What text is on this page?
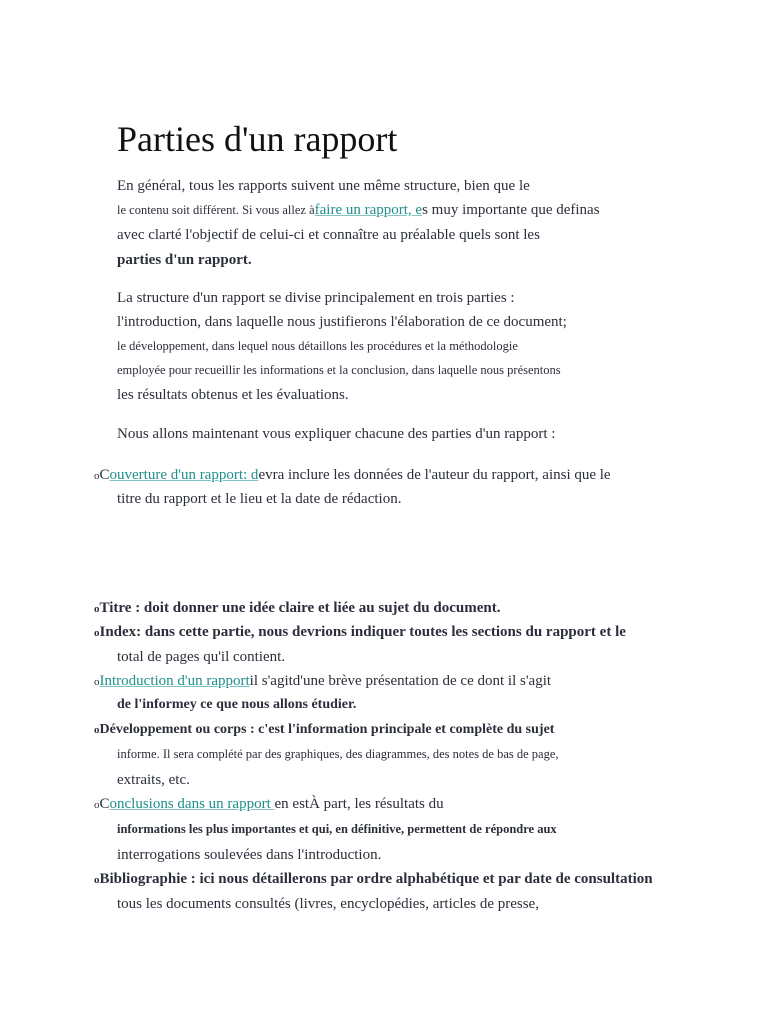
Parties d'un rapport
En général, tous les rapports suivent une même structure, bien que le
le contenu soit différent. Si vous allez àfaire un rapport, es muy importante que definas
avec clarté l'objectif de celui-ci et connaître au préalable quels sont les
parties d'un rapport.
La structure d'un rapport se divise principalement en trois parties :
l'introduction, dans laquelle nous justifierons l'élaboration de ce document;
le développement, dans lequel nous détaillons les procédures et la méthodologie
employée pour recueillir les informations et la conclusion, dans laquelle nous présentons
les résultats obtenus et les évaluations.
Nous allons maintenant vous expliquer chacune des parties d'un rapport :
oCouverture d'un rapport: devra inclure les données de l'auteur du rapport, ainsi que le
titre du rapport et le lieu et la date de rédaction.
oTitre : doit donner une idée claire et liée au sujet du document.
oIndex: dans cette partie, nous devrions indiquer toutes les sections du rapport et le
total de pages qu'il contient.
oIntroduction d'un rapportil s'agitd'une brève présentation de ce dont il s'agit
de l'informey ce que nous allons étudier.
oDéveloppement ou corps : c'est l'information principale et complète du sujet
informe. Il sera complété par des graphiques, des diagrammes, des notes de bas de page,
extraits, etc.
oConclusions dans un rapport en estÀ part, les résultats du
informations les plus importantes et qui, en définitive, permettent de répondre aux
interrogations soulevées dans l'introduction.
oBibliographie : ici nous détaillerons par ordre alphabétique et par date de consultation
tous les documents consultés (livres, encyclopédies, articles de presse,
